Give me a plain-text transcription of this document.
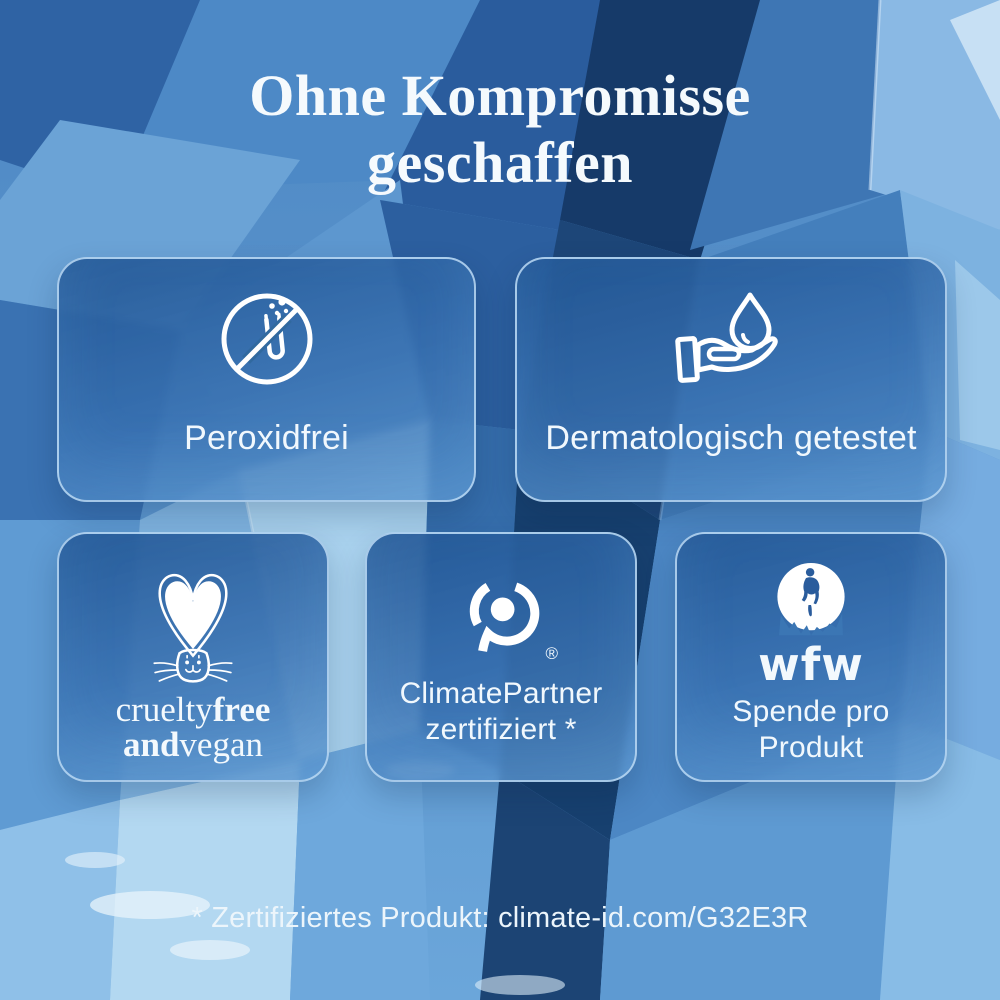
Ohne Kompromisse
geschaffen
Peroxidfrei	Dermatologisch getestet
crueltyfree
andvegan
®
ClimatePartner
zertifiziert *
wfw
Spende pro
Produkt
* Zertifiziertes Produkt: climate-id.com/G32E3R
